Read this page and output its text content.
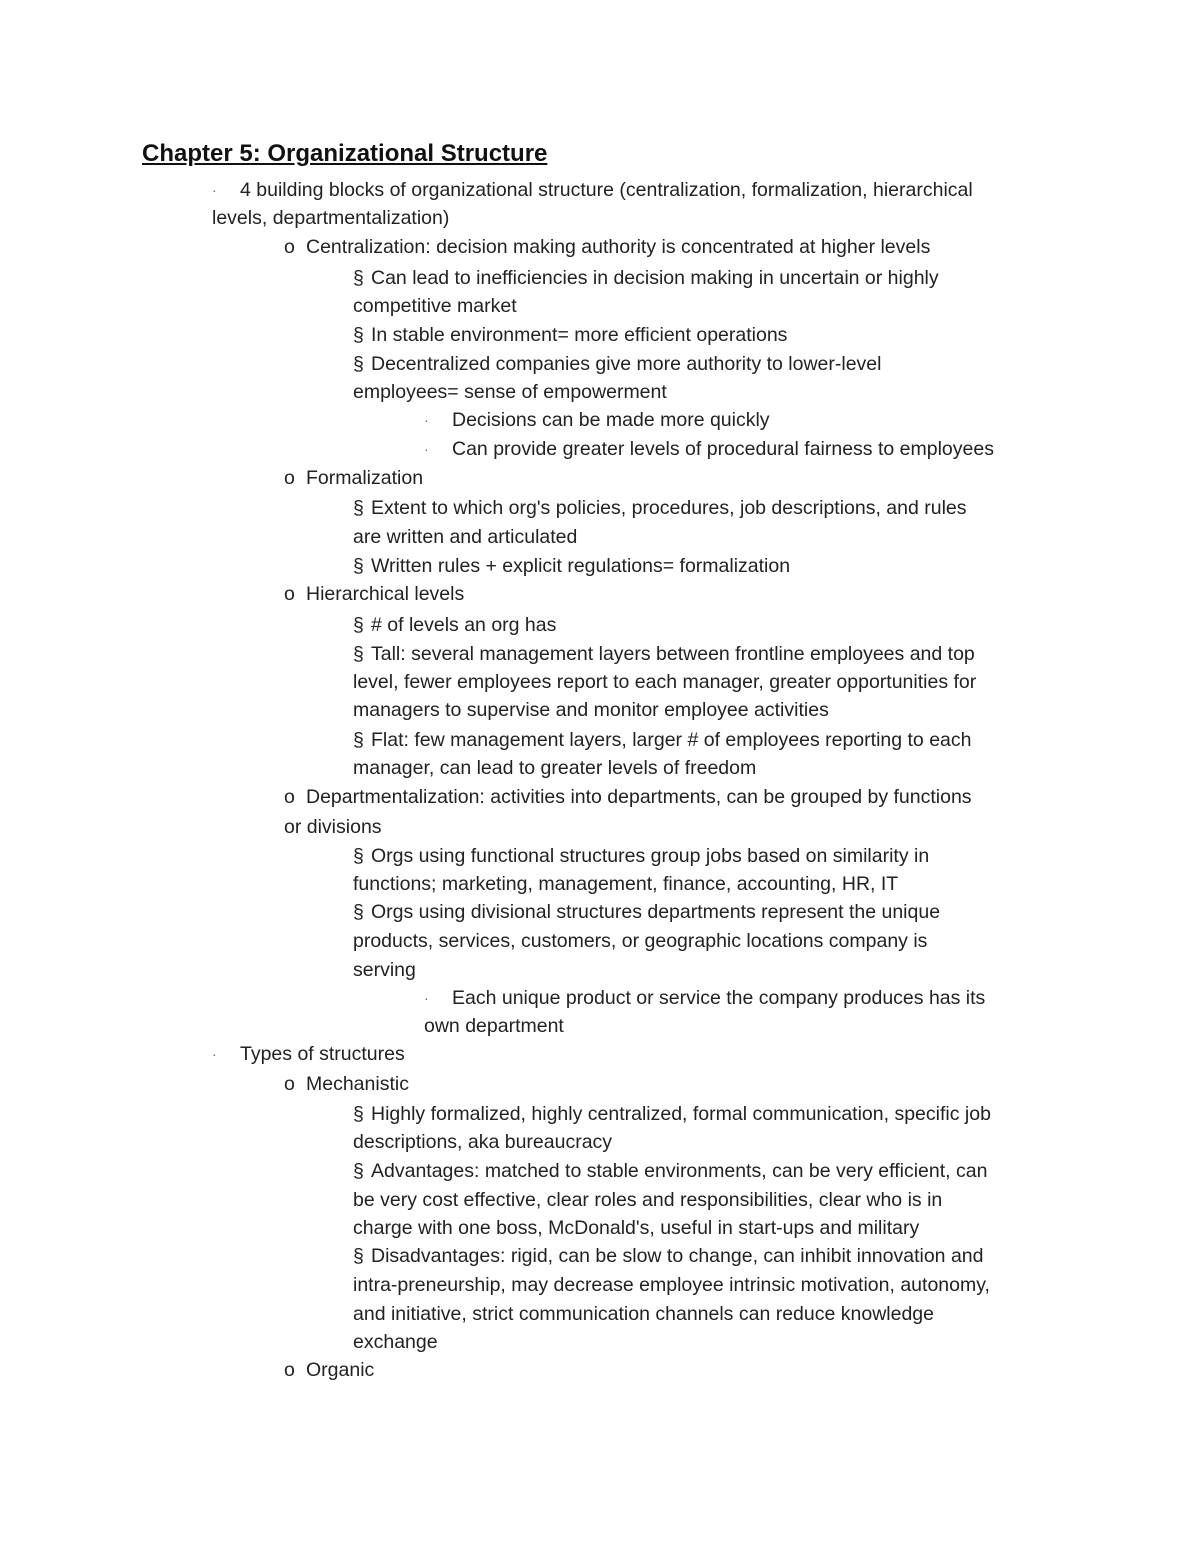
Chapter 5: Organizational Structure
· 4 building blocks of organizational structure (centralization, formalization, hierarchical

levels, departmentalization)

o Centralization: decision making authority is concentrated at higher levels

§ Can lead to inefficiencies in decision making in uncertain or highly

competitive market

§ In stable environment= more efficient operations

§ Decentralized companies give more authority to lower-level

employees= sense of empowerment

· Decisions can be made more quickly

· Can provide greater levels of procedural fairness to employees

o Formalization

§ Extent to which org's policies, procedures, job descriptions, and rules

are written and articulated

§ Written rules + explicit regulations= formalization

o Hierarchical levels

§ # of levels an org has

§ Tall: several management layers between frontline employees and top

level, fewer employees report to each manager, greater opportunities for

managers to supervise and monitor employee activities

§ Flat: few management layers, larger # of employees reporting to each

manager, can lead to greater levels of freedom

o Departmentalization: activities into departments, can be grouped by functions

or divisions

§ Orgs using functional structures group jobs based on similarity in

functions; marketing, management, finance, accounting, HR, IT

§ Orgs using divisional structures departments represent the unique

products, services, customers, or geographic locations company is

serving

· Each unique product or service the company produces has its

own department

· Types of structures

o Mechanistic

§ Highly formalized, highly centralized, formal communication, specific job

descriptions, aka bureaucracy

§ Advantages: matched to stable environments, can be very efficient, can

be very cost effective, clear roles and responsibilities, clear who is in

charge with one boss, McDonald's, useful in start-ups and military

§ Disadvantages: rigid, can be slow to change, can inhibit innovation and

intra-preneurship, may decrease employee intrinsic motivation, autonomy,

and initiative, strict communication channels can reduce knowledge

exchange

o Organic
